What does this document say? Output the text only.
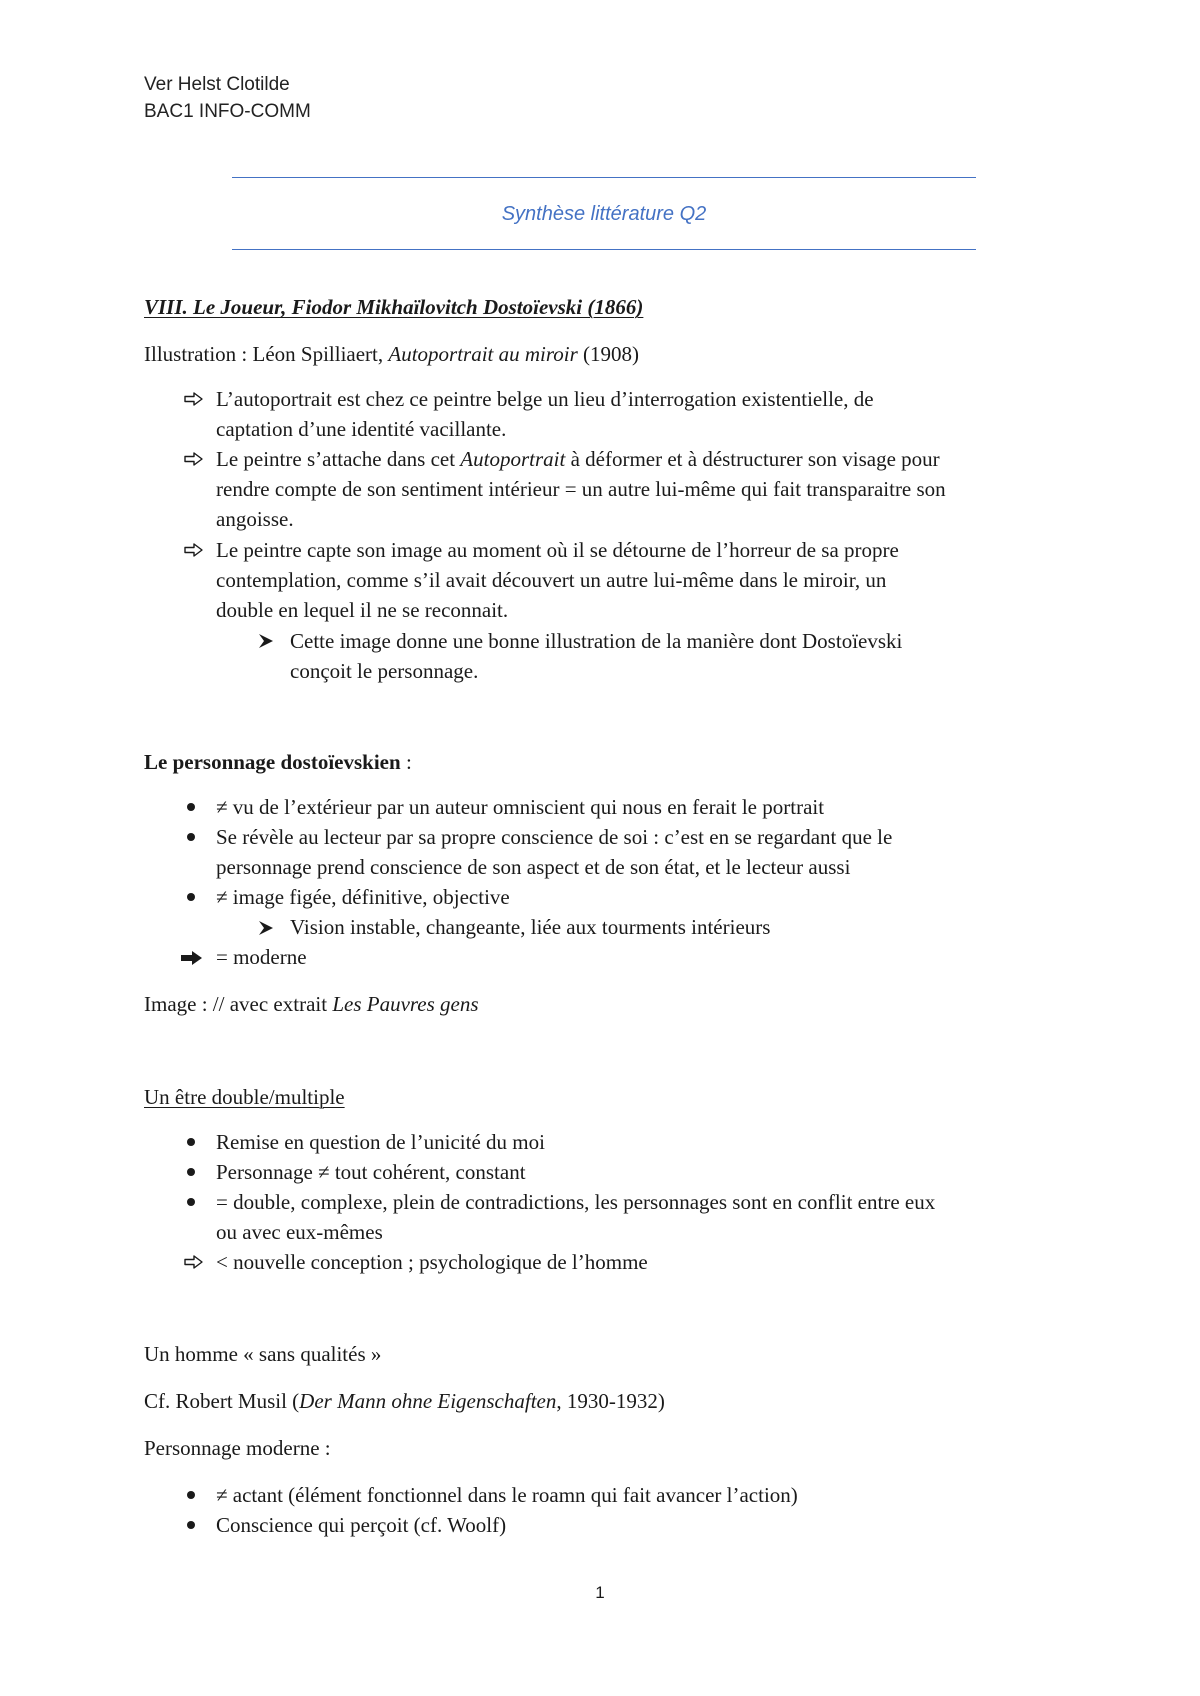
Ver Helst Clotilde
BAC1 INFO-COMM
Synthèse littérature Q2
VIII. Le Joueur, Fiodor Mikhaïlovitch Dostoïevski (1866)
Illustration : Léon Spilliaert, Autoportrait au miroir (1908)
L’autoportrait est chez ce peintre belge un lieu d’interrogation existentielle, de
captation d’une identité vacillante.
Le peintre s’attache dans cet Autoportrait à déformer et à déstructurer son visage pour
rendre compte de son sentiment intérieur = un autre lui-même qui fait transparaitre son
angoisse.
Le peintre capte son image au moment où il se détourne de l’horreur de sa propre
contemplation, comme s’il avait découvert un autre lui-même dans le miroir, un
double en lequel il ne se reconnait.
Cette image donne une bonne illustration de la manière dont Dostoïevski
conçoit le personnage.
Le personnage dostoïevskien :
≠ vu de l’extérieur par un auteur omniscient qui nous en ferait le portrait
Se révèle au lecteur par sa propre conscience de soi : c’est en se regardant que le
personnage prend conscience de son aspect et de son état, et le lecteur aussi
≠ image figée, définitive, objective
Vision instable, changeante, liée aux tourments intérieurs
= moderne
Image : // avec extrait Les Pauvres gens
Un être double/multiple
Remise en question de l’unicité du moi
Personnage ≠ tout cohérent, constant
= double, complexe, plein de contradictions, les personnages sont en conflit entre eux
ou avec eux-mêmes
< nouvelle conception ; psychologique de l’homme
Un homme « sans qualités »
Cf. Robert Musil (Der Mann ohne Eigenschaften, 1930-1932)
Personnage moderne :
≠ actant (élément fonctionnel dans le roamn qui fait avancer l’action)
Conscience qui perçoit (cf. Woolf)
1
